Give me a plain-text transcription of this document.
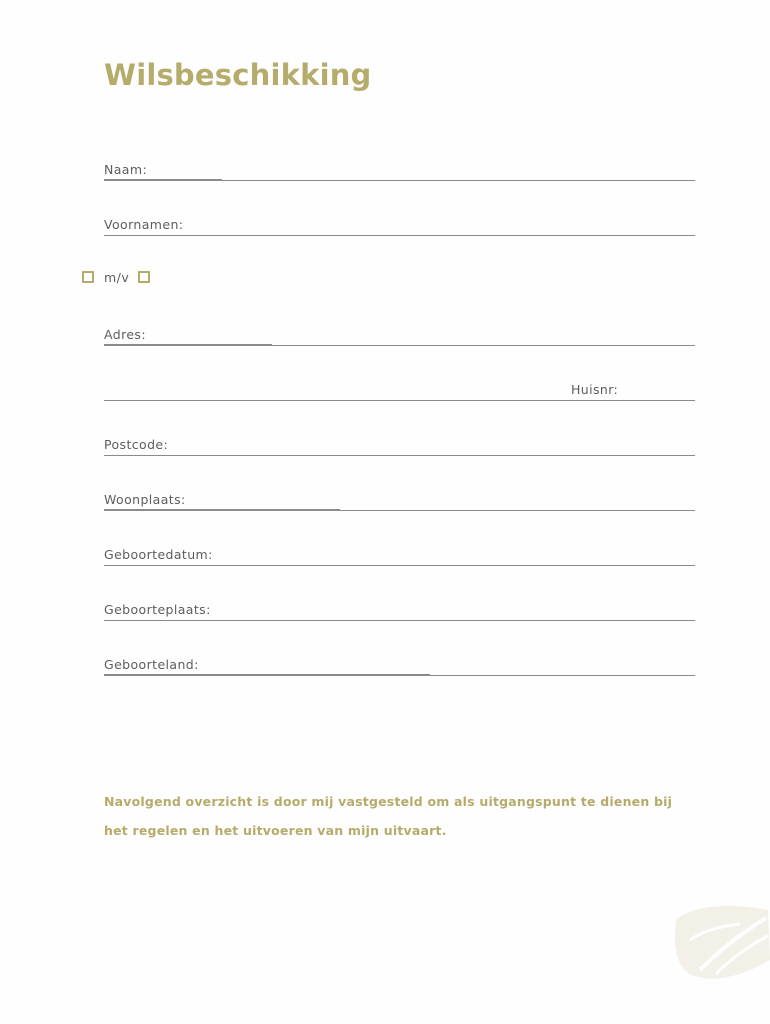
Wilsbeschikking
Naam:
Voornamen:
m/v
Adres:
Huisnr:
Postcode:
Woonplaats:
Geboortedatum:
Geboorteplaats:
Geboorteland:
Navolgend overzicht is door mij vastgesteld om als uitgangspunt te dienen bij het regelen en het uitvoeren van mijn uitvaart.
